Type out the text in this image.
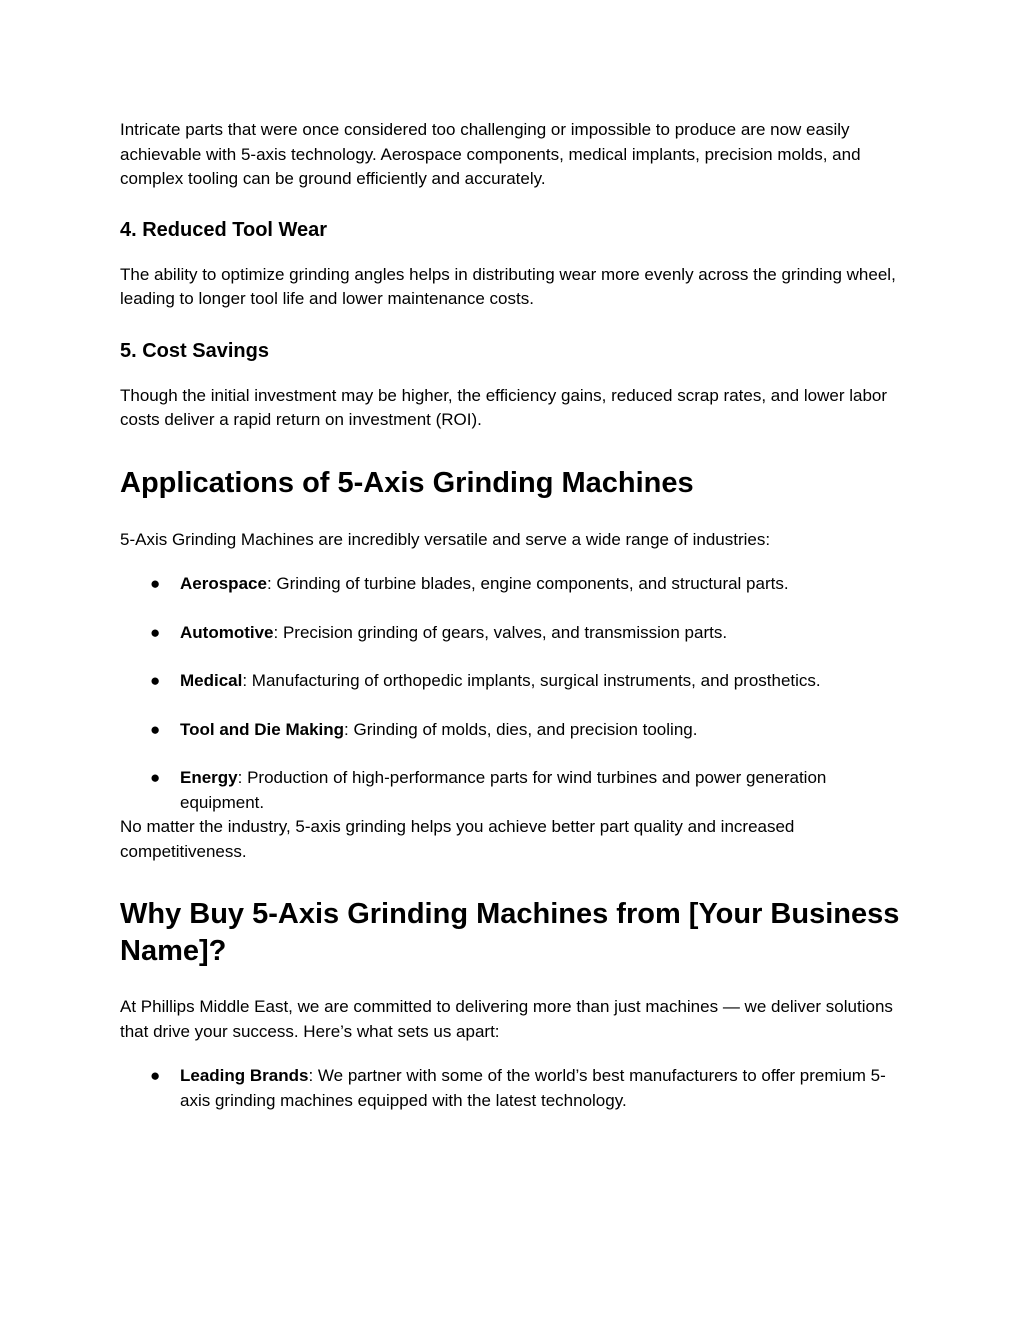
Intricate parts that were once considered too challenging or impossible to produce are now easily achievable with 5-axis technology. Aerospace components, medical implants, precision molds, and complex tooling can be ground efficiently and accurately.

4. Reduced Tool Wear

The ability to optimize grinding angles helps in distributing wear more evenly across the grinding wheel, leading to longer tool life and lower maintenance costs.

5. Cost Savings

Though the initial investment may be higher, the efficiency gains, reduced scrap rates, and lower labor costs deliver a rapid return on investment (ROI).

Applications of 5-Axis Grinding Machines

5-Axis Grinding Machines are incredibly versatile and serve a wide range of industries:

● Aerospace: Grinding of turbine blades, engine components, and structural parts.
● Automotive: Precision grinding of gears, valves, and transmission parts.
● Medical: Manufacturing of orthopedic implants, surgical instruments, and prosthetics.
● Tool and Die Making: Grinding of molds, dies, and precision tooling.
● Energy: Production of high-performance parts for wind turbines and power generation equipment.

No matter the industry, 5-axis grinding helps you achieve better part quality and increased competitiveness.

Why Buy 5-Axis Grinding Machines from [Your Business Name]?

At Phillips Middle East, we are committed to delivering more than just machines — we deliver solutions that drive your success. Here’s what sets us apart:

● Leading Brands: We partner with some of the world’s best manufacturers to offer premium 5-axis grinding machines equipped with the latest technology.
